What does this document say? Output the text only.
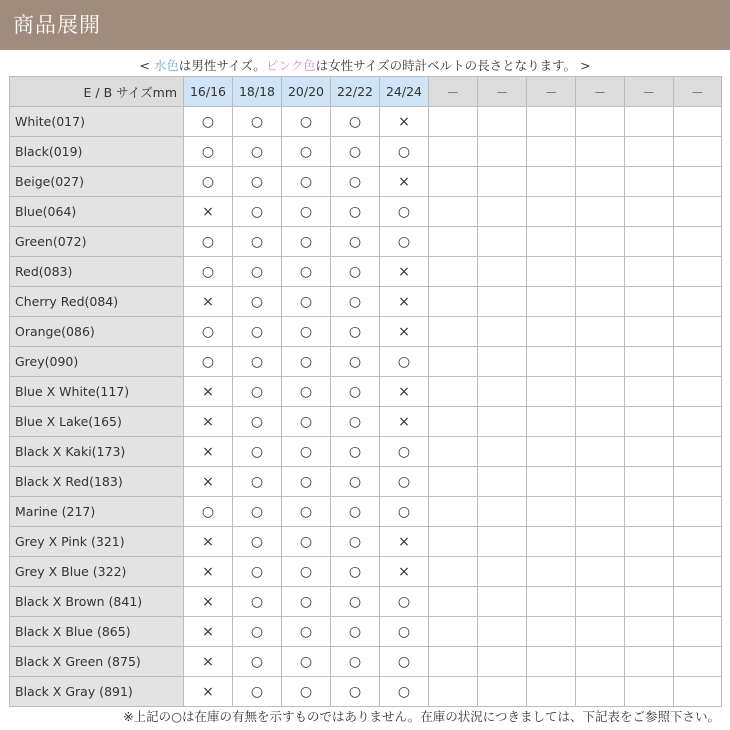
商品展開
< 水色は男性サイズ。ピンク色は女性サイズの時計ベルトの長さとなります。 >
E / B サイズmm	16/16	18/18	20/20	22/22	24/24	－	－	－	－	－	－
White(017)	○	○	○	○	×						
Black(019)	○	○	○	○	○						
Beige(027)	○	○	○	○	×						
Blue(064)	×	○	○	○	○						
Green(072)	○	○	○	○	○						
Red(083)	○	○	○	○	×						
Cherry Red(084)	×	○	○	○	×						
Orange(086)	○	○	○	○	×						
Grey(090)	○	○	○	○	○						
Blue X White(117)	×	○	○	○	×						
Blue X Lake(165)	×	○	○	○	×						
Black X Kaki(173)	×	○	○	○	○						
Black X Red(183)	×	○	○	○	○						
Marine (217)	○	○	○	○	○						
Grey X Pink (321)	×	○	○	○	×						
Grey X Blue (322)	×	○	○	○	×						
Black X Brown (841)	×	○	○	○	○						
Black X Blue (865)	×	○	○	○	○						
Black X Green (875)	×	○	○	○	○						
Black X Gray (891)	×	○	○	○	○						
※上記の○は在庫の有無を示すものではありません。在庫の状況につきましては、下記表をご参照下さい。
